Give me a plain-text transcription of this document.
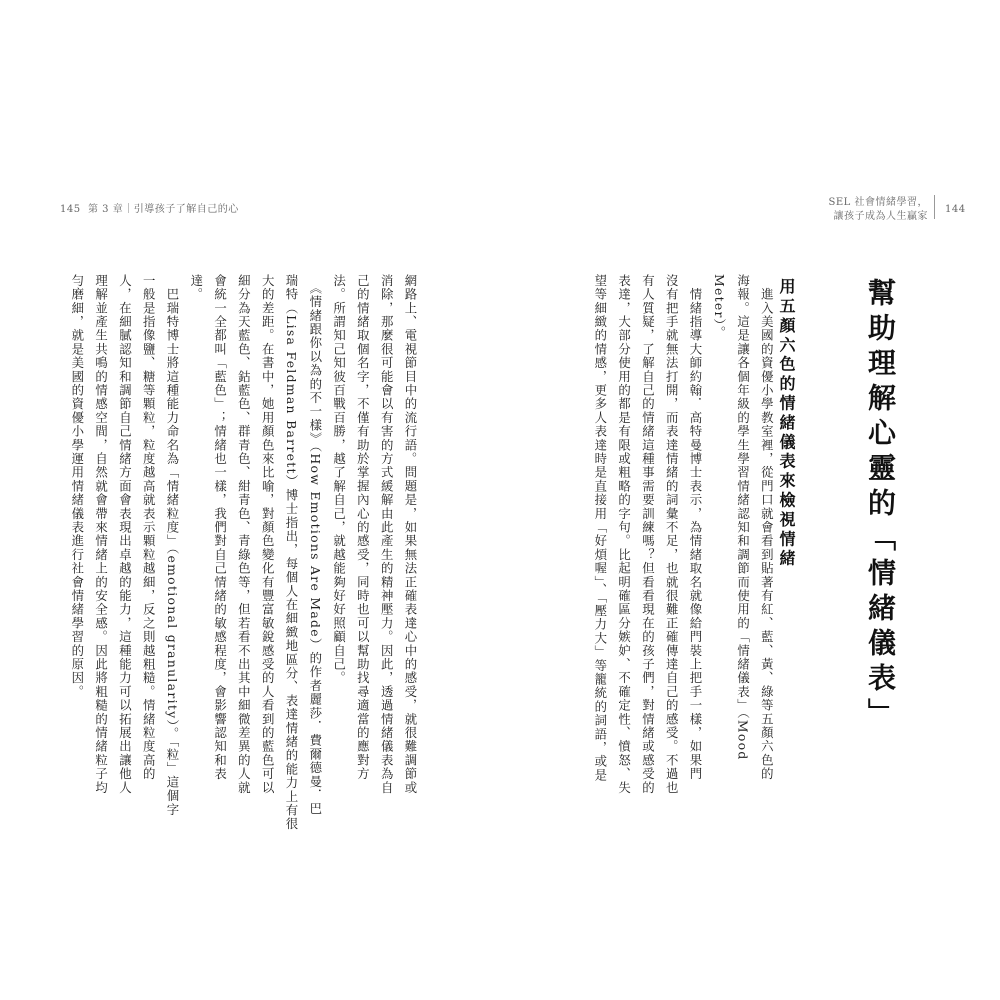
145 第 3 章｜引導孩子了解自己的心
SEL 社會情緒學習，
讓孩子成為人生贏家
144
幫助理解心靈的「情緒儀表」
用五顏六色的情緒儀表來檢視情緒
　進入美國的資優小學教室裡，從門口就會看到貼著有紅、藍、黃、綠等五顏六色的
海報。這是讓各個年級的學生學習情緒認知和調節而使用的「情緒儀表」（Mood
Meter）。
　情緒指導大師約翰．高特曼博士表示，為情緒取名就像給門裝上把手一樣，如果門
沒有把手就無法打開，而表達情緒的詞彙不足，也就很難正確傳達自己的感受。不過也
有人質疑，了解自己的情緒這種事需要訓練嗎？但看看現在的孩子們，對情緒或感受的
表達，大部分使用的都是有限或粗略的字句。比起明確區分嫉妒、不確定性、憤怒、失
望等細緻的情感，更多人表達時是直接用「好煩喔」、「壓力大」等籠統的詞語，或是
網路上、電視節目中的流行語。問題是，如果無法正確表達心中的感受，就很難調節或
消除，那麼很可能會以有害的方式緩解由此產生的精神壓力。因此，透過情緒儀表為自
己的情緒取個名字，不僅有助於掌握內心的感受，同時也可以幫助找尋適當的應對方
法。所謂知己知彼百戰百勝，越了解自己，就越能夠好好照顧自己。
　《情緒跟你以為的不一樣》（How Emotions Are Made）的作者麗莎．費爾德曼．巴
瑞特（Lisa Feldman Barrett）博士指出，每個人在細緻地區分、表達情緒的能力上有很
大的差距。在書中，她用顏色來比喻，對顏色變化有豐富敏銳感受的人看到的藍色可以
細分為天藍色、鈷藍色、群青色、紺青色、青綠色等，但若看不出其中細微差異的人就
會統一全都叫「藍色」；情緒也一樣，我們對自己情緒的敏感程度，會影響認知和表
達。
　巴瑞特博士將這種能力命名為「情緒粒度」（emotional granularity）。「粒」這個字
一般是指像鹽、糖等顆粒，粒度越高就表示顆粒越細，反之則越粗糙。情緒粒度高的
人，在細膩認知和調節自己情緒方面會表現出卓越的能力，這種能力可以拓展出讓他人
理解並產生共鳴的情感空間，自然就會帶來情緒上的安全感。因此將粗糙的情緒粒子均
勻磨細，就是美國的資優小學運用情緒儀表進行社會情緒學習的原因。
